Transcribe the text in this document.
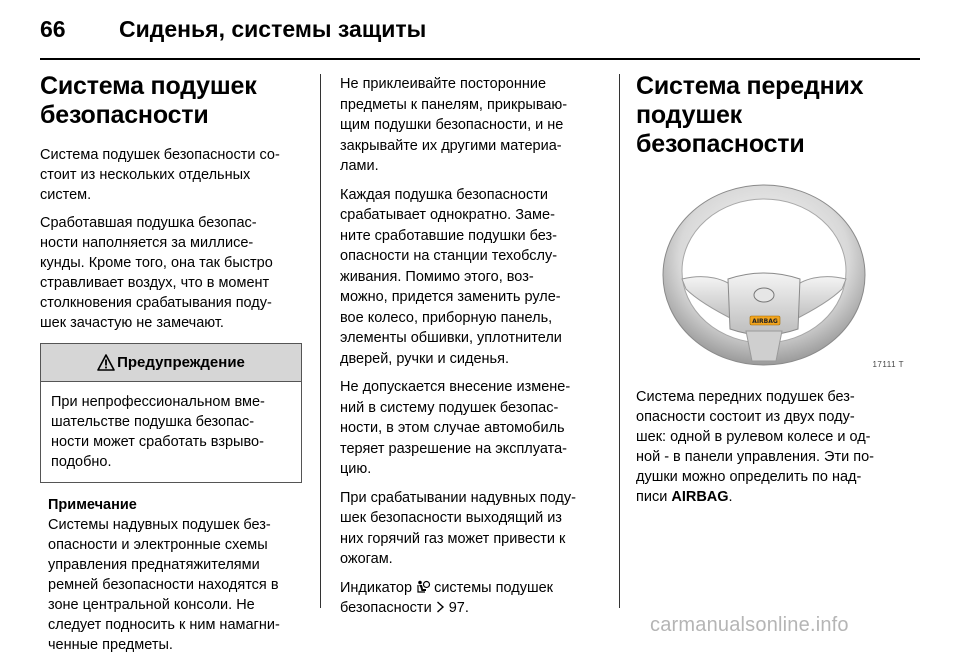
66 Сиденья, системы защиты
Система подушек
безопасности

Система подушек безопасности со-
стоит из нескольких отдельных
систем.

Сработавшая подушка безопас-
ности наполняется за миллисе-
кунды. Кроме того, она так быстро
стравливает воздух, что в момент
столкновения срабатывания поду-
шек зачастую не замечают.

Предупреждение

При непрофессиональном вме-
шательстве подушка безопас-
ности может сработать взрыво-
подобно.

Примечание

Системы надувных подушек без-
опасности и электронные схемы
управления преднатяжителями
ремней безопасности находятся в
зоне центральной консоли. Не
следует подносить к ним намагни-
ченные предметы.

Не приклеивайте посторонние
предметы к панелям, прикрываю-
щим подушки безопасности, и не
закрывайте их другими материа-
лами.

Каждая подушка безопасности
срабатывает однократно. Заме-
ните сработавшие подушки без-
опасности на станции техобслу-
живания. Помимо этого, воз-
можно, придется заменить руле-
вое колесо, приборную панель,
элементы обшивки, уплотнители
дверей, ручки и сиденья.

Не допускается внесение измене-
ний в систему подушек безопас-
ности, в этом случае автомобиль
теряет разрешение на эксплуата-
цию.

При срабатывании надувных поду-
шек безопасности выходящий из
них горячий газ может привести к
ожогам.

Индикатор  системы подушек
безопасности  97.

Система передних
подушек безопасности
AIRBAG
17111 T

Система передних подушек без-
опасности состоит из двух поду-
шек: одной в рулевом колесе и од-
ной - в панели управления. Эти по-
душки можно определить по над-
писи AIRBAG.

carmanualsonline.info
